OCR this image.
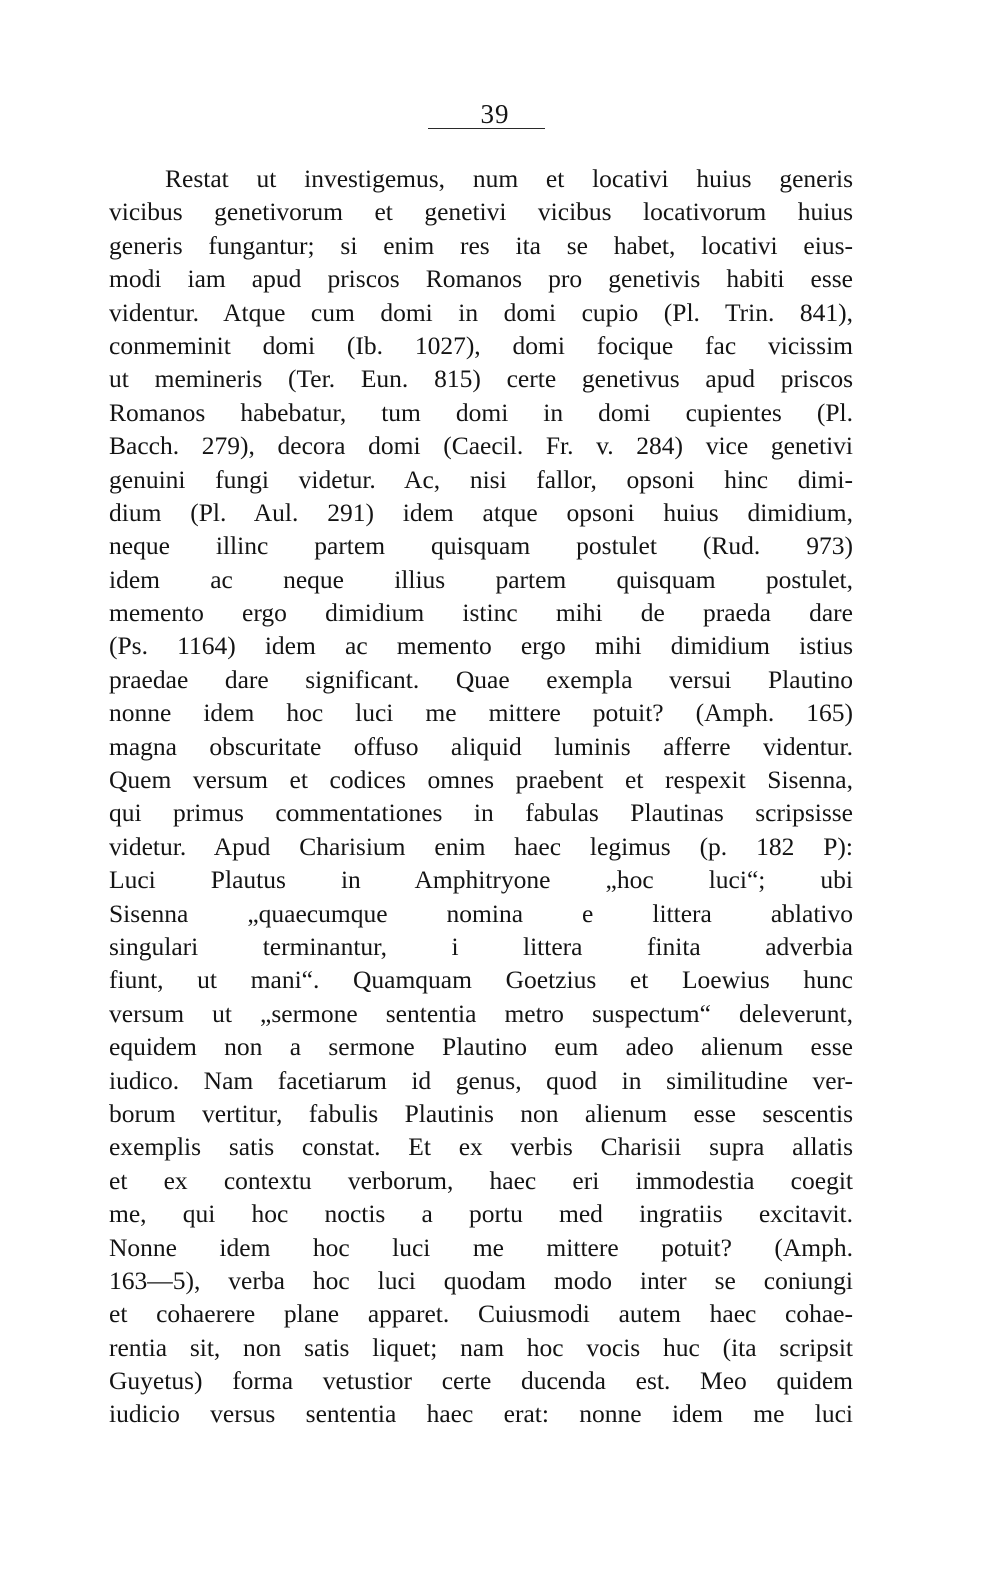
39
Restat ut investigemus, num et locativi huius generis
vicibus genetivorum et genetivi vicibus locativorum huius
generis fungantur; si enim res ita se habet, locativi eius-
modi iam apud priscos Romanos pro genetivis habiti esse
videntur. Atque cum domi in domi cupio (Pl. Trin. 841),
conmeminit domi (Ib. 1027), domi focique fac vicissim
ut memineris (Ter. Eun. 815) certe genetivus apud priscos
Romanos habebatur, tum domi in domi cupientes (Pl.
Bacch. 279), decora domi (Caecil. Fr. v. 284) vice genetivi
genuini fungi videtur. Ac, nisi fallor, opsoni hinc dimi-
dium (Pl. Aul. 291) idem atque opsoni huius dimidium,
neque illinc partem quisquam postulet (Rud. 973)
idem ac neque illius partem quisquam postulet,
memento ergo dimidium istinc mihi de praeda dare
(Ps. 1164) idem ac memento ergo mihi dimidium istius
praedae dare significant. Quae exempla versui Plautino
nonne idem hoc luci me mittere potuit? (Amph. 165)
magna obscuritate offuso aliquid luminis afferre videntur.
Quem versum et codices omnes praebent et respexit Sisenna,
qui primus commentationes in fabulas Plautinas scripsisse
videtur. Apud Charisium enim haec legimus (p. 182 P):
Luci Plautus in Amphitryone „hoc luci“; ubi
Sisenna „quaecumque nomina e littera ablativo
singulari terminantur, i littera finita adverbia
fiunt, ut mani“. Quamquam Goetzius et Loewius hunc
versum ut „sermone sententia metro suspectum“ deleverunt,
equidem non a sermone Plautino eum adeo alienum esse
iudico. Nam facetiarum id genus, quod in similitudine ver-
borum vertitur, fabulis Plautinis non alienum esse sescentis
exemplis satis constat. Et ex verbis Charisii supra allatis
et ex contextu verborum, haec eri immodestia coegit
me, qui hoc noctis a portu med ingratiis excitavit.
Nonne idem hoc luci me mittere potuit? (Amph.
163—5), verba hoc luci quodam modo inter se coniungi
et cohaerere plane apparet. Cuiusmodi autem haec cohae-
rentia sit, non satis liquet; nam hoc vocis huc (ita scripsit
Guyetus) forma vetustior certe ducenda est. Meo quidem
iudicio versus sententia haec erat: nonne idem me luci
